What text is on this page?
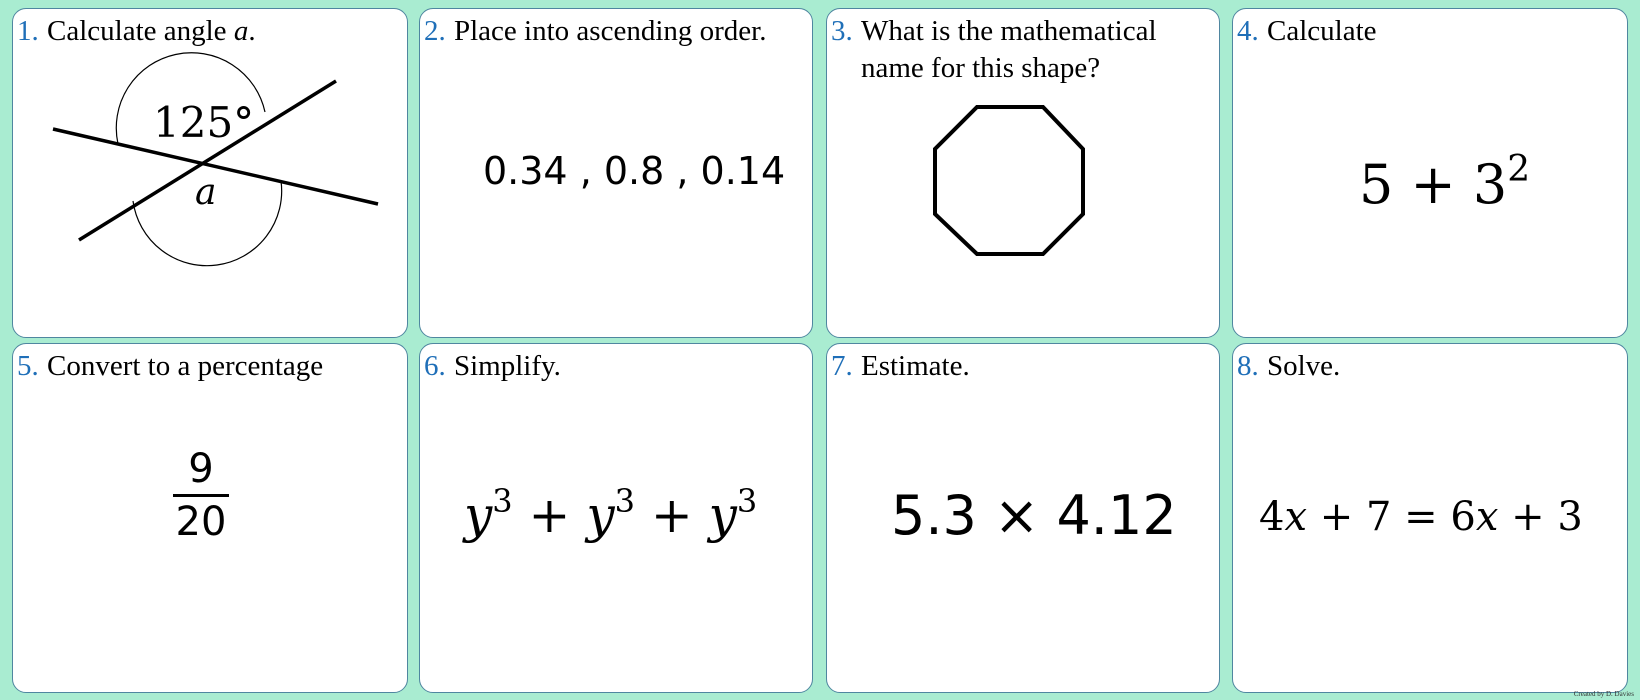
1. Calculate angle a.
125°
a
2. Place into ascending order.
0.34 , 0.8 , 0.14
3. What is the mathematical
name for this shape?
4. Calculate
$5 + 3^2$
5. Convert to a percentage
9
20
6. Simplify.
$y^3 + y^3 + y^3$
7. Estimate.
5.3 × 4.12
8. Solve.
4x + 7 = 6x + 3
Created by D. Davies
